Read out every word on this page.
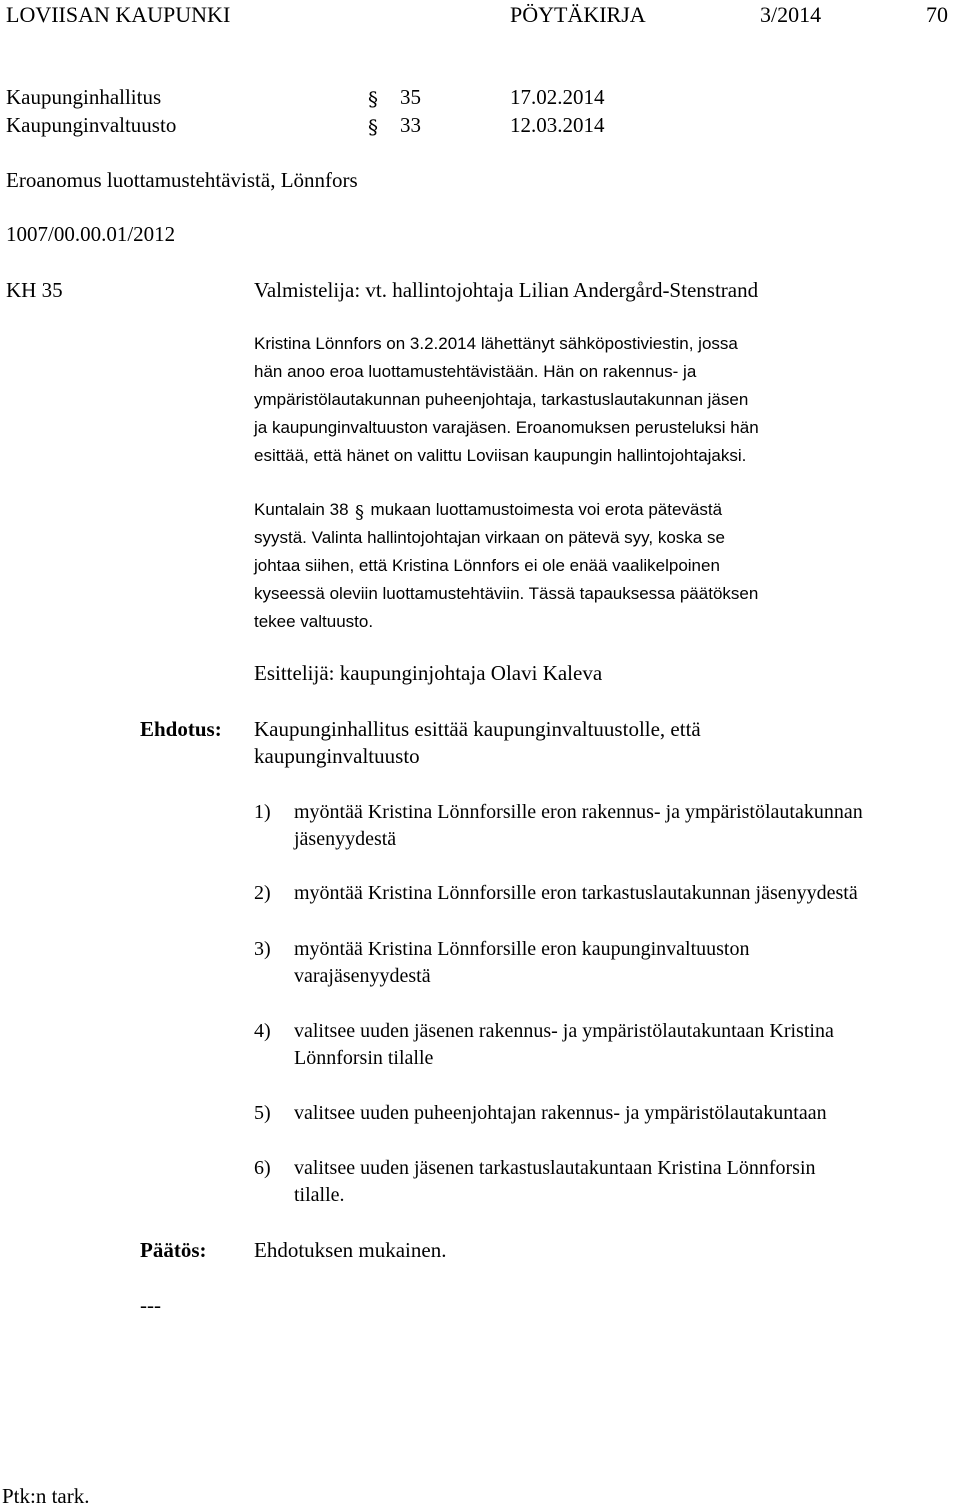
LOVIISAN KAUPUNKI	PÖYTÄKIRJA	3/2014	70
Kaupunginhallitus	§ 35	17.02.2014
Kaupunginvaltuusto	§ 33	12.03.2014
Eroanomus luottamustehtävistä, Lönnfors
1007/00.00.01/2012
KH 35	Valmistelija: vt. hallintojohtaja Lilian Andergård-Stenstrand

Kristina Lönnfors on 3.2.2014 lähettänyt sähköpostiviestin, jossa

hän anoo eroa luottamustehtävistään. Hän on rakennus- ja

ympäristölautakunnan puheenjohtaja, tarkastuslautakunnan jäsen

ja kaupunginvaltuuston varajäsen. Eroanomuksen perusteluksi hän

esittää, että hänet on valittu Loviisan kaupungin hallintojohtajaksi.

Kuntalain 38 § mukaan luottamustoimesta voi erota pätevästä

syystä. Valinta hallintojohtajan virkaan on pätevä syy, koska se

johtaa siihen, että Kristina Lönnfors ei ole enää vaalikelpoinen

kyseessä oleviin luottamustehtäviin. Tässä tapauksessa päätöksen

tekee valtuusto.

Esittelijä: kaupunginjohtaja Olavi Kaleva
Ehdotus: Kaupunginhallitus esittää kaupunginvaltuustolle, että
kaupunginvaltuusto
1) myöntää Kristina Lönnforsille eron rakennus- ja ympäristölautakunnan
jäsenyydestä
2) myöntää Kristina Lönnforsille eron tarkastuslautakunnan jäsenyydestä
3) myöntää Kristina Lönnforsille eron kaupunginvaltuuston
varajäsenyydestä
4) valitsee uuden jäsenen rakennus- ja ympäristölautakuntaan Kristina
Lönnforsin tilalle
5) valitsee uuden puheenjohtajan rakennus- ja ympäristölautakuntaan
6) valitsee uuden jäsenen tarkastuslautakuntaan Kristina Lönnforsin
tilalle.
Päätös: Ehdotuksen mukainen.
---
Ptk:n tark.
